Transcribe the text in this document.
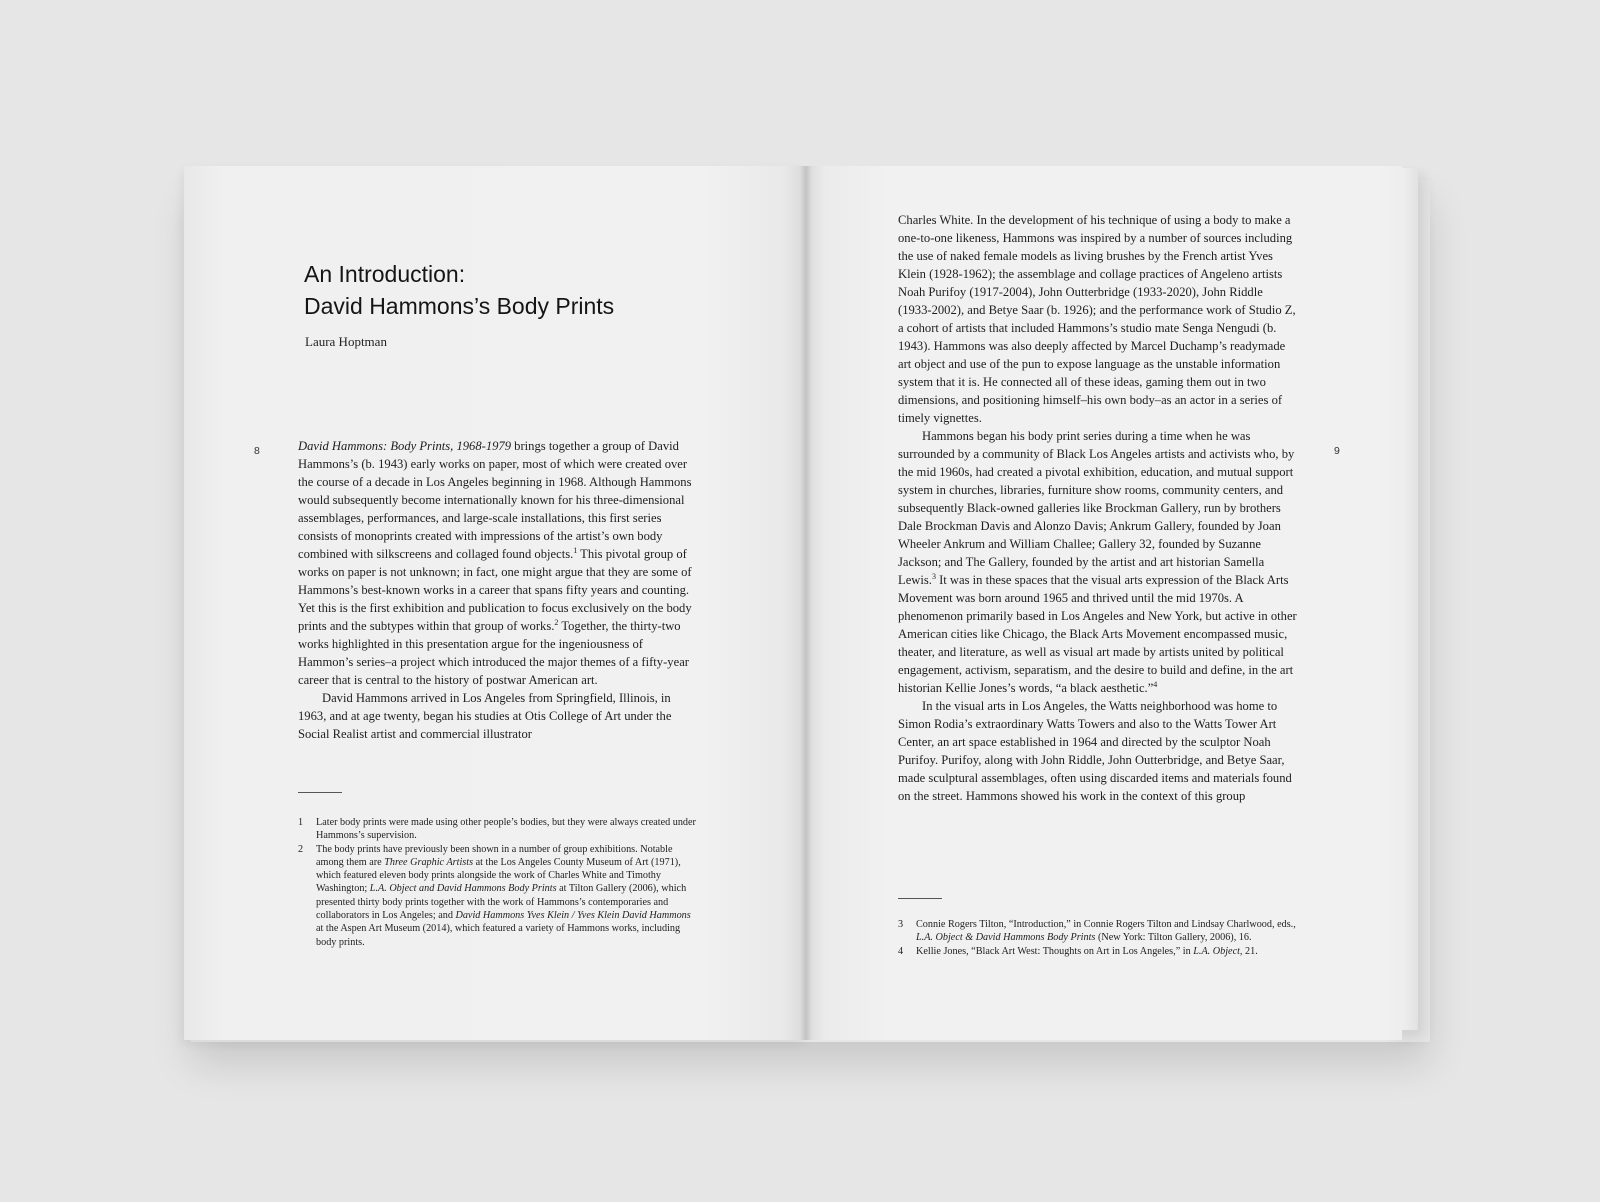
An Introduction:
David Hammons’s Body Prints
Laura Hoptman
8	David Hammons: Body Prints, 1968-1979 brings together a group of David Hammons’s (b. 1943) early works on paper, most of which were created over the course of a decade in Los Angeles beginning in 1968. Although Hammons would subsequently become internationally known for his three-dimensional assemblages, performances, and large-scale installations, this first series consists of monoprints created with impressions of the artist’s own body combined with silkscreens and collaged found objects.$^1$ This pivotal group of works on paper is not unknown; in fact, one might argue that they are some of Hammons’s best-known works in a career that spans fifty years and counting. Yet this is the first exhibition and publication to focus exclusively on the body prints and the subtypes within that group of works.$^2$ Together, the thirty-two works highlighted in this presentation argue for the ingeniousness of Hammon’s series–a project which introduced the major themes of a fifty-year career that is central to the history of postwar American art.

David Hammons arrived in Los Angeles from Springfield, Illinois, in 1963, and at age twenty, began his studies at Otis College of Art under the Social Realist artist and commercial illustrator

1 Later body prints were made using other people’s bodies, but they were always created under Hammons’s supervision.
2 The body prints have previously been shown in a number of group exhibitions. Notable among them are Three Graphic Artists at the Los Angeles County Museum of Art (1971), which featured eleven body prints alongside the work of Charles White and Timothy Washington; L.A. Object and David Hammons Body Prints at Tilton Gallery (2006), which presented thirty body prints together with the work of Hammons’s contemporaries and collaborators in Los Angeles; and David Hammons Yves Klein / Yves Klein David Hammons at the Aspen Art Museum (2014), which featured a variety of Hammons works, including body prints.

Charles White. In the development of his technique of using a body to make a one-to-one likeness, Hammons was inspired by a number of sources including the use of naked female models as living brushes by the French artist Yves Klein (1928-1962); the assemblage and collage practices of Angeleno artists Noah Purifoy (1917-2004), John Outterbridge (1933-2020), John Riddle (1933-2002), and Betye Saar (b. 1926); and the performance work of Studio Z, a cohort of artists that included Hammons’s studio mate Senga Nengudi (b. 1943). Hammons was also deeply affected by Marcel Duchamp’s readymade art object and use of the pun to expose language as the unstable information system that it is. He connected all of these ideas, gaming them out in two dimensions, and positioning himself–his own body–as an actor in a series of timely vignettes.

Hammons began his body print series during a time when he was surrounded by a community of Black Los Angeles artists and activists who, by the mid 1960s, had created a pivotal exhibition, education, and mutual support system in churches, libraries, furniture show rooms, community centers, and subsequently Black-owned galleries like Brockman Gallery, run by brothers Dale Brockman Davis and Alonzo Davis; Ankrum Gallery, founded by Joan Wheeler Ankrum and William Challee; Gallery 32, founded by Suzanne Jackson; and The Gallery, founded by the artist and art historian Samella Lewis.$^3$ It was in these spaces that the visual arts expression of the Black Arts Movement was born around 1965 and thrived until the mid 1970s. A phenomenon primarily based in Los Angeles and New York, but active in other American cities like Chicago, the Black Arts Movement encompassed music, theater, and literature, as well as visual art made by artists united by political engagement, activism, separatism, and the desire to build and define, in the art historian Kellie Jones’s words, “a black aesthetic.”$^4$

In the visual arts in Los Angeles, the Watts neighborhood was home to Simon Rodia’s extraordinary Watts Towers and also to the Watts Tower Art Center, an art space established in 1964 and directed by the sculptor Noah Purifoy. Purifoy, along with John Riddle, John Outterbridge, and Betye Saar, made sculptural assemblages, often using discarded items and materials found on the street. Hammons showed his work in the context of this group

9
3 Connie Rogers Tilton, “Introduction,” in Connie Rogers Tilton and Lindsay Charlwood, eds., L.A. Object & David Hammons Body Prints (New York: Tilton Gallery, 2006), 16.
4 Kellie Jones, “Black Art West: Thoughts on Art in Los Angeles,” in L.A. Object, 21.
